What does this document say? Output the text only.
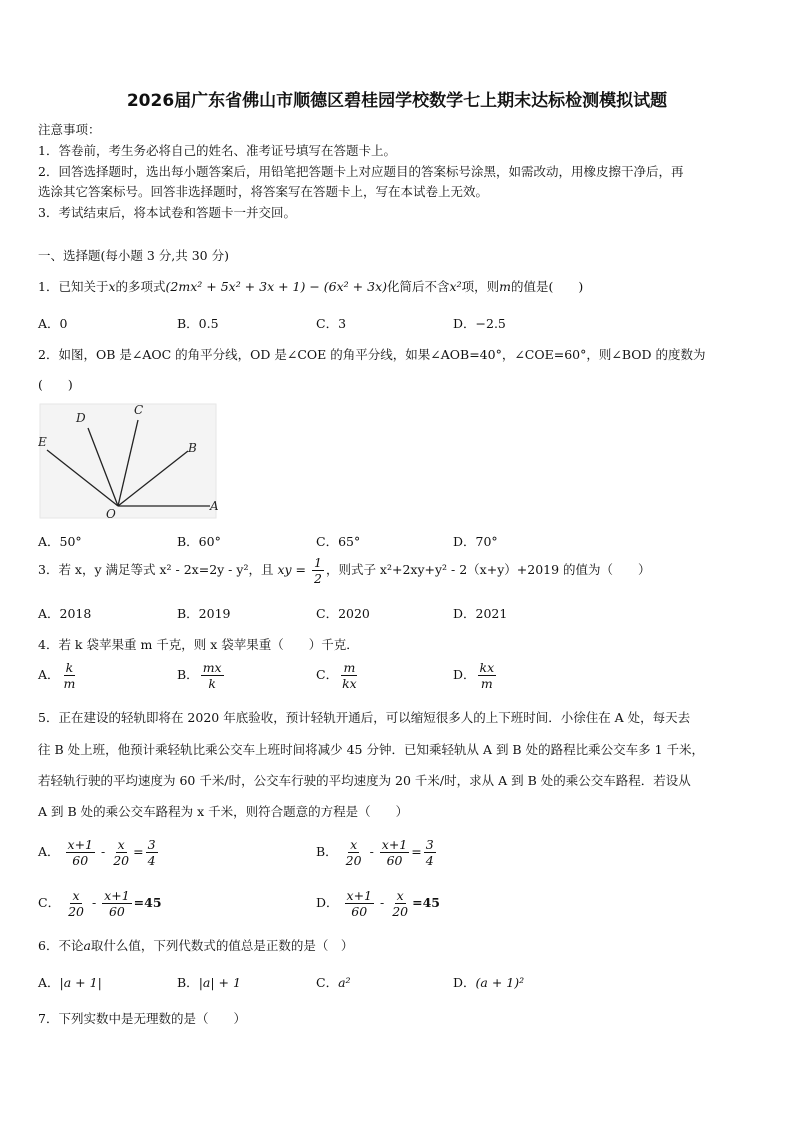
2026届广东省佛山市顺德区碧桂园学校数学七上期末达标检测模拟试题
注意事项：
1．答卷前，考生务必将自己的姓名、准考证号填写在答题卡上。
2．回答选择题时，选出每小题答案后，用铅笔把答题卡上对应题目的答案标号涂黑，如需改动，用橡皮擦干净后，再
选涂其它答案标号。回答非选择题时，将答案写在答题卡上，写在本试卷上无效。
3．考试结束后，将本试卷和答题卡一并交回。
一、选择题(每小题 3 分,共 30 分)
1．已知关于x的多项式(2mx² + 5x² + 3x + 1) − (6x² + 3x)化简后不含x²项，则m的值是(　　)
A．0	B．0.5	C．3	D．−2.5
2．如图，OB 是∠AOC 的角平分线，OD 是∠COE 的角平分线，如果∠AOB=40°，∠COE=60°，则∠BOD 的度数为
(　　)
D
C
E	B
O
A
A．50°	B．60°	C．65°	D．70°
3．若 x，y 满足等式 x² - 2x=2y - y²，且 xy = $\frac{1}{2}$ ，则式子 x²+2xy+y² - 2（x+y）+2019 的值为（　　）
A．2018	B．2019	C．2020	D．2021
4．若 k 袋苹果重 m 千克，则 x 袋苹果重（　　）千克．
A． $\frac{k}{m}$	B． $\frac{mx}{k}$	C． $\frac{m}{kx}$	D． $\frac{kx}{m}$
5．正在建设的轻轨即将在 2020 年底验收，预计轻轨开通后，可以缩短很多人的上下班时间．小徐住在 A 处，每天去
往 B 处上班，他预计乘轻轨比乘公交车上班时间将减少 45 分钟．已知乘轻轨从 A 到 B 处的路程比乘公交车多 1 千米，
若轻轨行驶的平均速度为 60 千米/时，公交车行驶的平均速度为 20 千米/时，求从 A 到 B 处的乘公交车路程．若设从
A 到 B 处的乘公交车路程为 x 千米，则符合题意的方程是（　　）
A． $\frac{x+1}{60} - \frac{x}{20} = \frac{3}{4}$	B． $\frac{x}{20} - \frac{x+1}{60} = \frac{3}{4}$
C． $\frac{x}{20} - \frac{x+1}{60} =45$	D． $\frac{x+1}{60} - \frac{x}{20} =45$
6．不论a取什么值，下列代数式的值总是正数的是（　）
A．|a + 1|	B．|a| + 1	C．a²	D．(a + 1)²
7．下列实数中是无理数的是（　　）
